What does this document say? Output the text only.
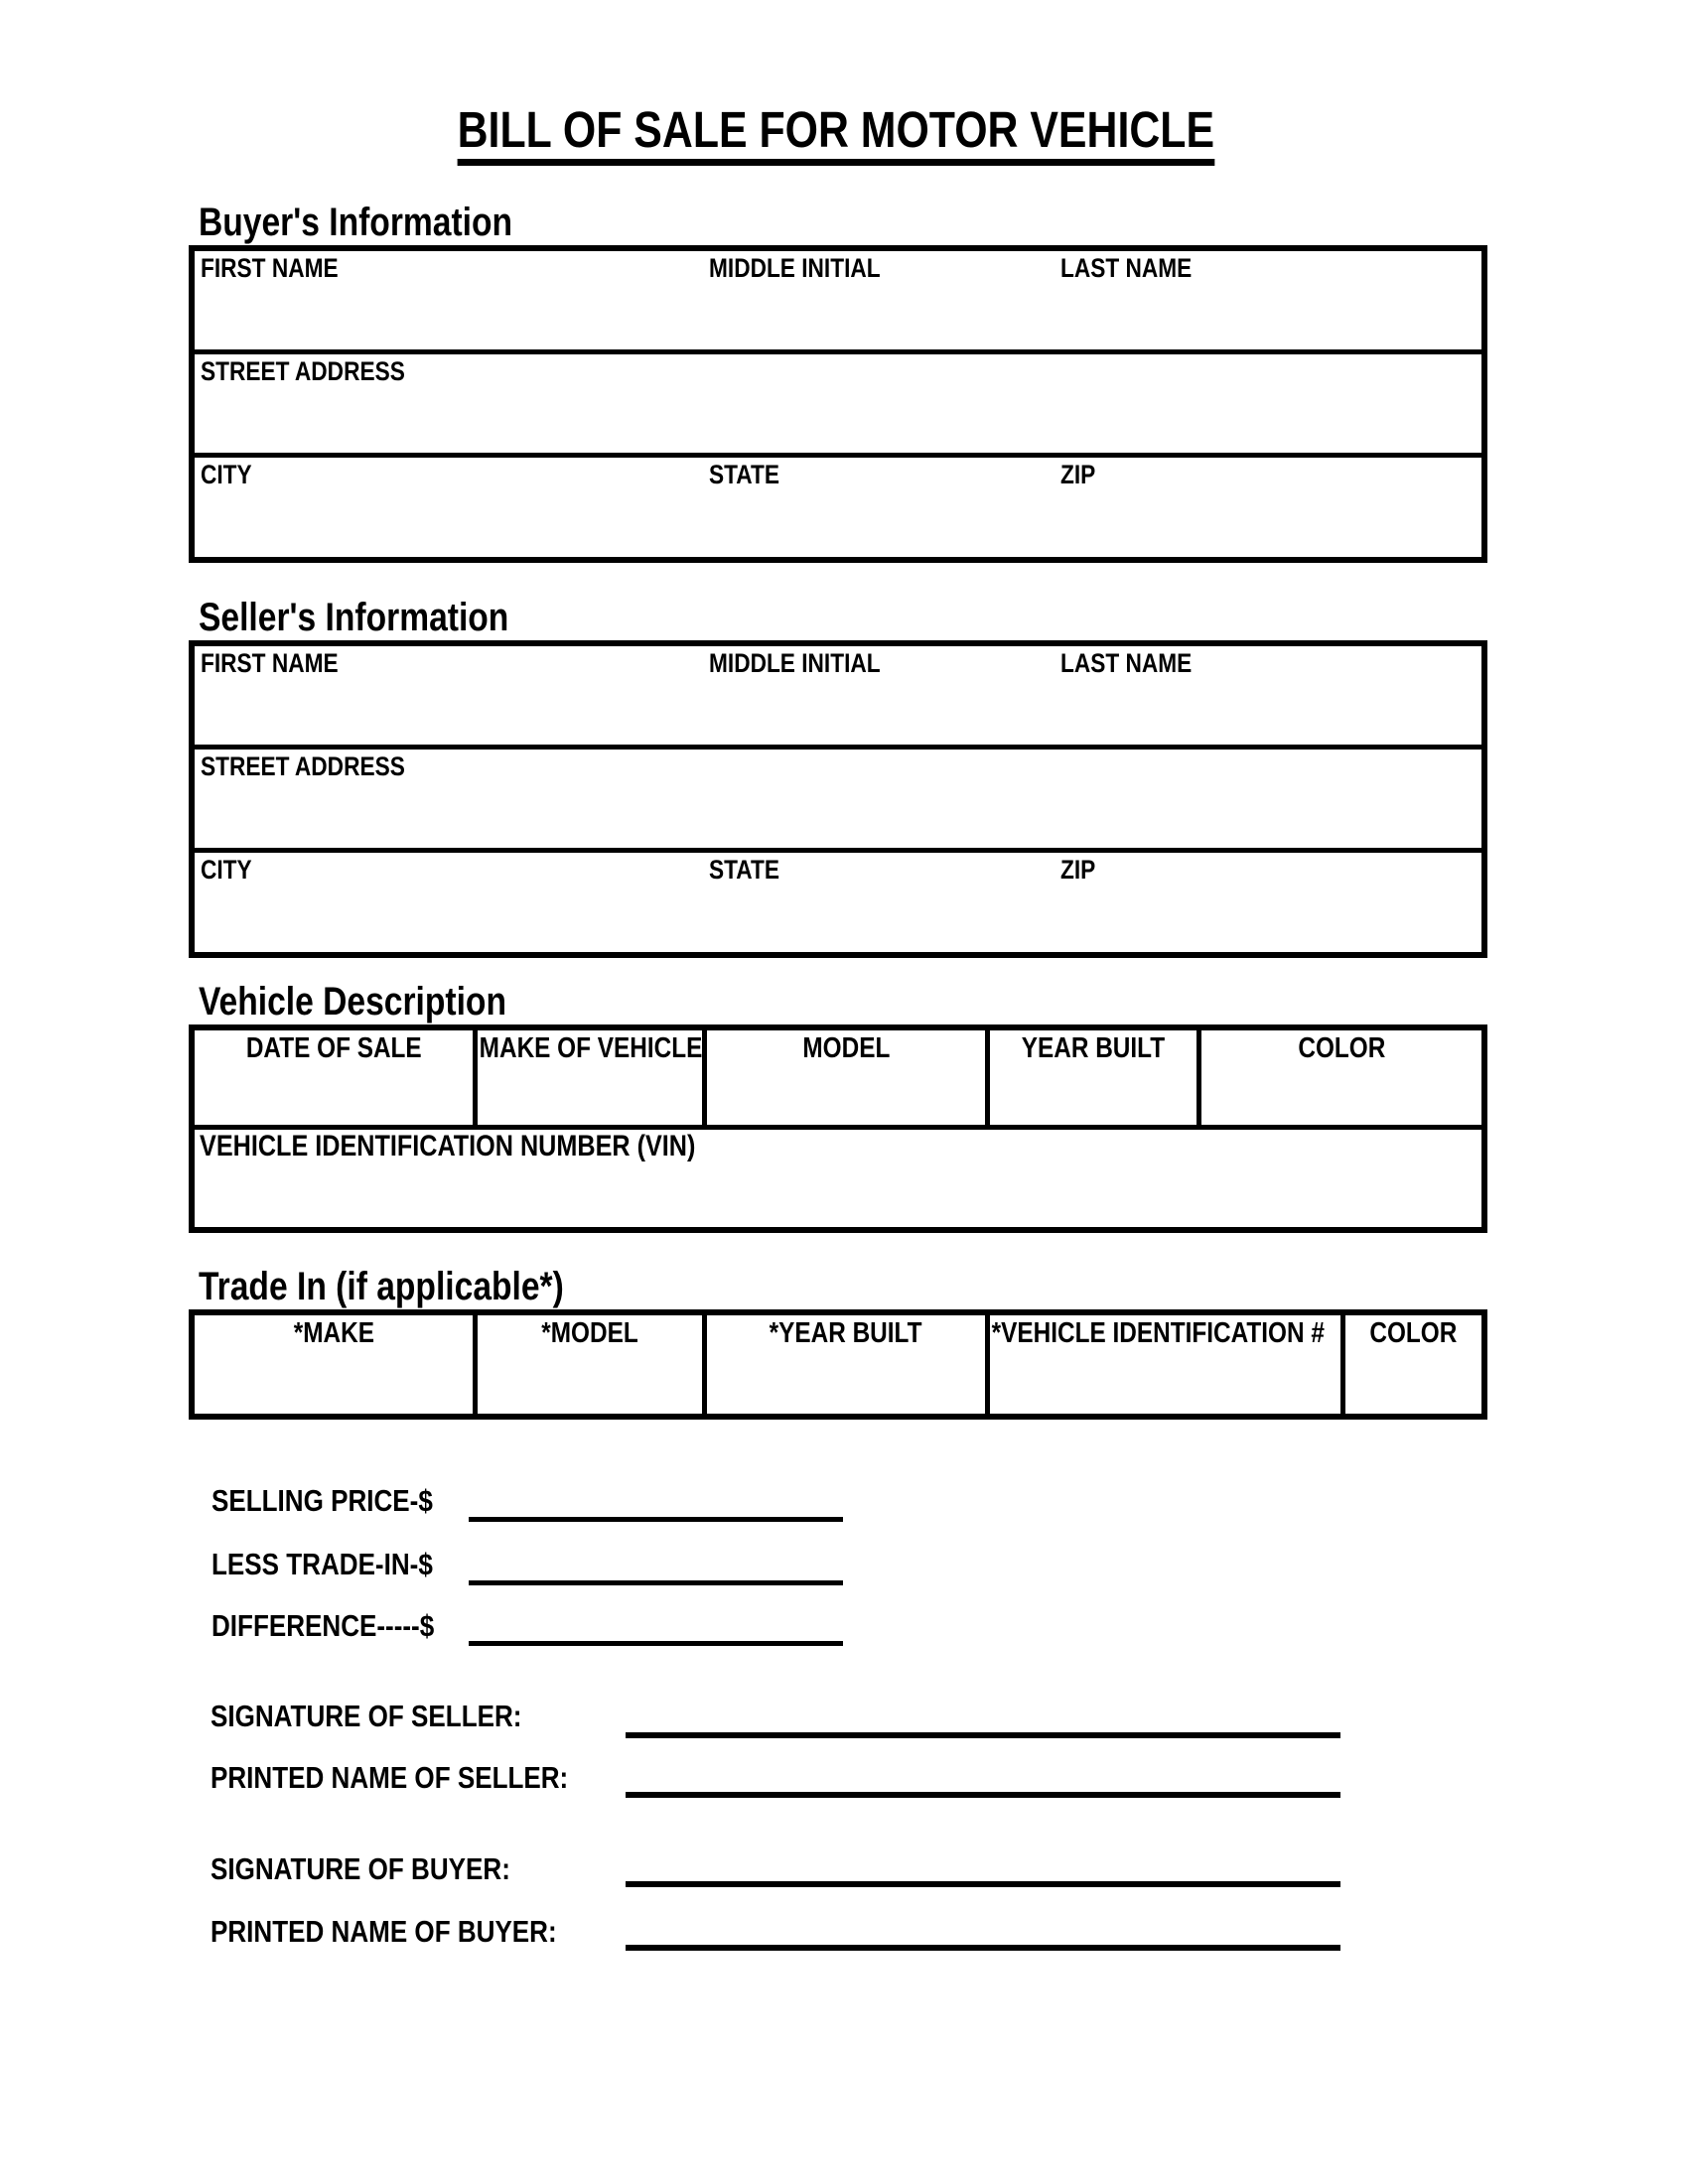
BILL OF SALE FOR MOTOR VEHICLE
Buyer's Information
FIRST NAME	MIDDLE INITIAL	LAST NAME
STREET ADDRESS
CITY	STATE	ZIP
Seller's Information
FIRST NAME	MIDDLE INITIAL	LAST NAME
STREET ADDRESS
CITY	STATE	ZIP
Vehicle Description
DATE OF SALE	MAKE OF VEHICLE	MODEL	YEAR BUILT	COLOR
VEHICLE IDENTIFICATION NUMBER (VIN)
Trade In (if applicable*)
*MAKE	*MODEL	*YEAR BUILT	*VEHICLE IDENTIFICATION #	COLOR
SELLING PRICE-$
LESS TRADE-IN-$
DIFFERENCE-----$
SIGNATURE OF SELLER:
PRINTED NAME OF SELLER:
SIGNATURE OF BUYER:
PRINTED NAME OF BUYER:
